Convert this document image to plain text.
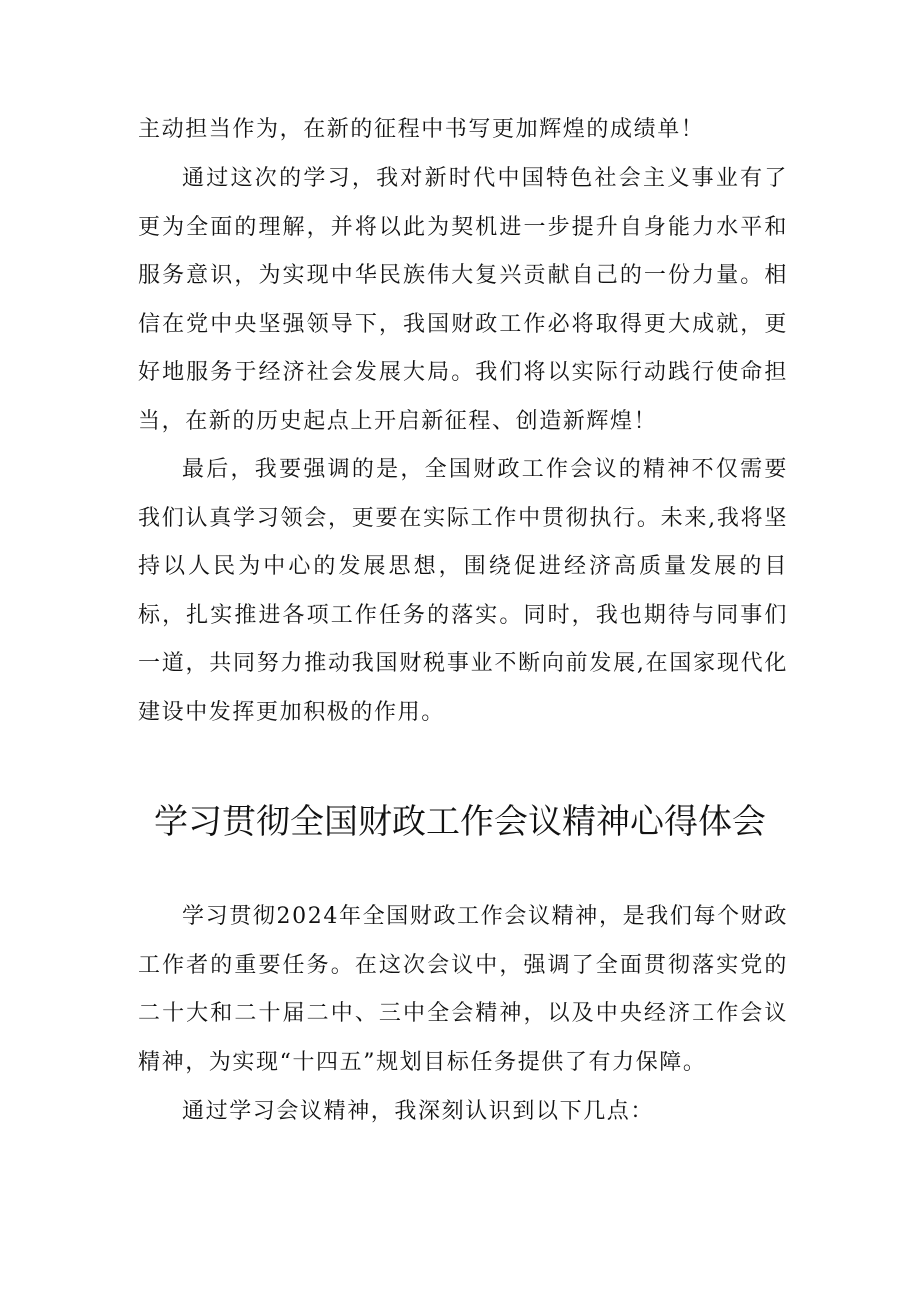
主动担当作为，在新的征程中书写更加辉煌的成绩单！

通过这次的学习，我对新时代中国特色社会主义事业有了更为全面的理解，并将以此为契机进一步提升自身能力水平和服务意识，为实现中华民族伟大复兴贡献自己的一份力量。相信在党中央坚强领导下，我国财政工作必将取得更大成就，更好地服务于经济社会发展大局。我们将以实际行动践行使命担当，在新的历史起点上开启新征程、创造新辉煌！

最后，我要强调的是，全国财政工作会议的精神不仅需要我们认真学习领会，更要在实际工作中贯彻执行。未来,我将坚持以人民为中心的发展思想，围绕促进经济高质量发展的目标，扎实推进各项工作任务的落实。同时，我也期待与同事们一道，共同努力推动我国财税事业不断向前发展,在国家现代化建设中发挥更加积极的作用。

学习贯彻全国财政工作会议精神心得体会

学习贯彻2024年全国财政工作会议精神，是我们每个财政工作者的重要任务。在这次会议中，强调了全面贯彻落实党的二十大和二十届二中、三中全会精神，以及中央经济工作会议精神，为实现“十四五”规划目标任务提供了有力保障。

通过学习会议精神，我深刻认识到以下几点：
